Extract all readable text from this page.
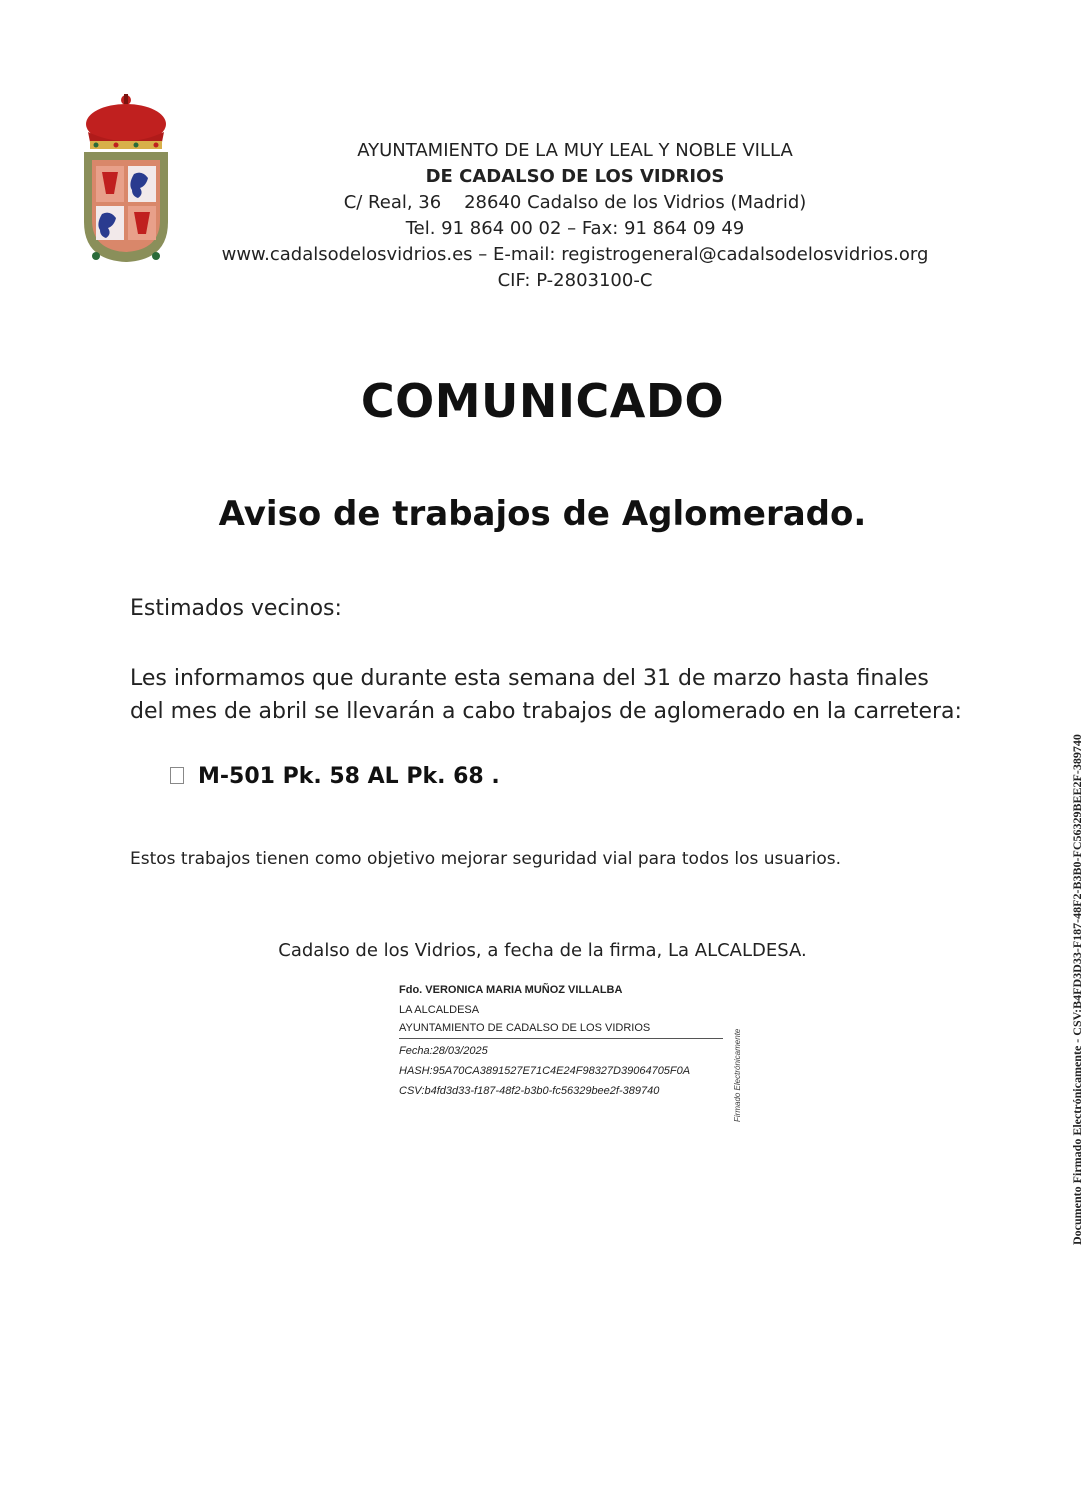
AYUNTAMIENTO DE LA MUY LEAL Y NOBLE VILLA
DE CADALSO DE LOS VIDRIOS
C/ Real, 36    28640 Cadalso de los Vidrios (Madrid)
Tel. 91 864 00 02 – Fax: 91 864 09 49
www.cadalsodelosvidrios.es – E-mail: registrogeneral@cadalsodelosvidrios.org
CIF: P-2803100-C
COMUNICADO
Aviso de trabajos de Aglomerado.
Estimados vecinos:
Les informamos que durante esta semana del 31 de marzo hasta finales
del mes de abril se llevarán a cabo trabajos de aglomerado en la carretera:
M-501 Pk. 58 AL Pk. 68 .
Estos trabajos tienen como objetivo mejorar seguridad vial para todos los usuarios.
Cadalso de los Vidrios, a fecha de la firma, La ALCALDESA.
Fdo. VERONICA MARIA MUÑOZ VILLALBA
LA ALCALDESA
AYUNTAMIENTO DE CADALSO DE LOS VIDRIOS
Fecha:28/03/2025
HASH:95A70CA3891527E71C4E24F98327D39064705F0A
CSV:b4fd3d33-f187-48f2-b3b0-fc56329bee2f-389740	Firmado Electrónicamente	Documento Firmado Electrónicamente - CSV:B4FD3D33-F187-48F2-B3B0-FC56329BEE2F-389740
